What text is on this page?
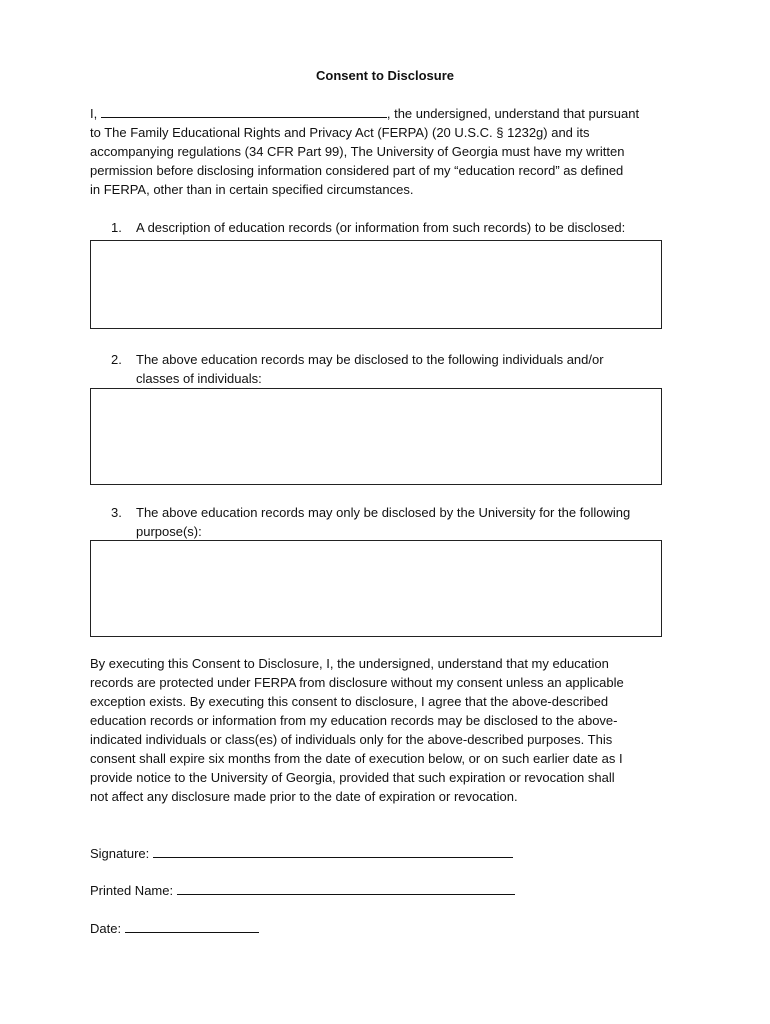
Consent to Disclosure
I,	, the undersigned, understand that pursuant
to The Family Educational Rights and Privacy Act (FERPA) (20 U.S.C. § 1232g) and its
accompanying regulations (34 CFR Part 99), The University of Georgia must have my written
permission before disclosing information considered part of my “education record” as defined
in FERPA, other than in certain specified circumstances.
1.	A description of education records (or information from such records) to be disclosed:
2.	The above education records may be disclosed to the following individuals and/or
classes of individuals:
3.	The above education records may only be disclosed by the University for the following
purpose(s):
By executing this Consent to Disclosure, I, the undersigned, understand that my education
records are protected under FERPA from disclosure without my consent unless an applicable
exception exists. By executing this consent to disclosure, I agree that the above-described
education records or information from my education records may be disclosed to the above-
indicated individuals or class(es) of individuals only for the above-described purposes. This
consent shall expire six months from the date of execution below, or on such earlier date as I
provide notice to the University of Georgia, provided that such expiration or revocation shall
not affect any disclosure made prior to the date of expiration or revocation.
Signature:
Printed Name:
Date:
